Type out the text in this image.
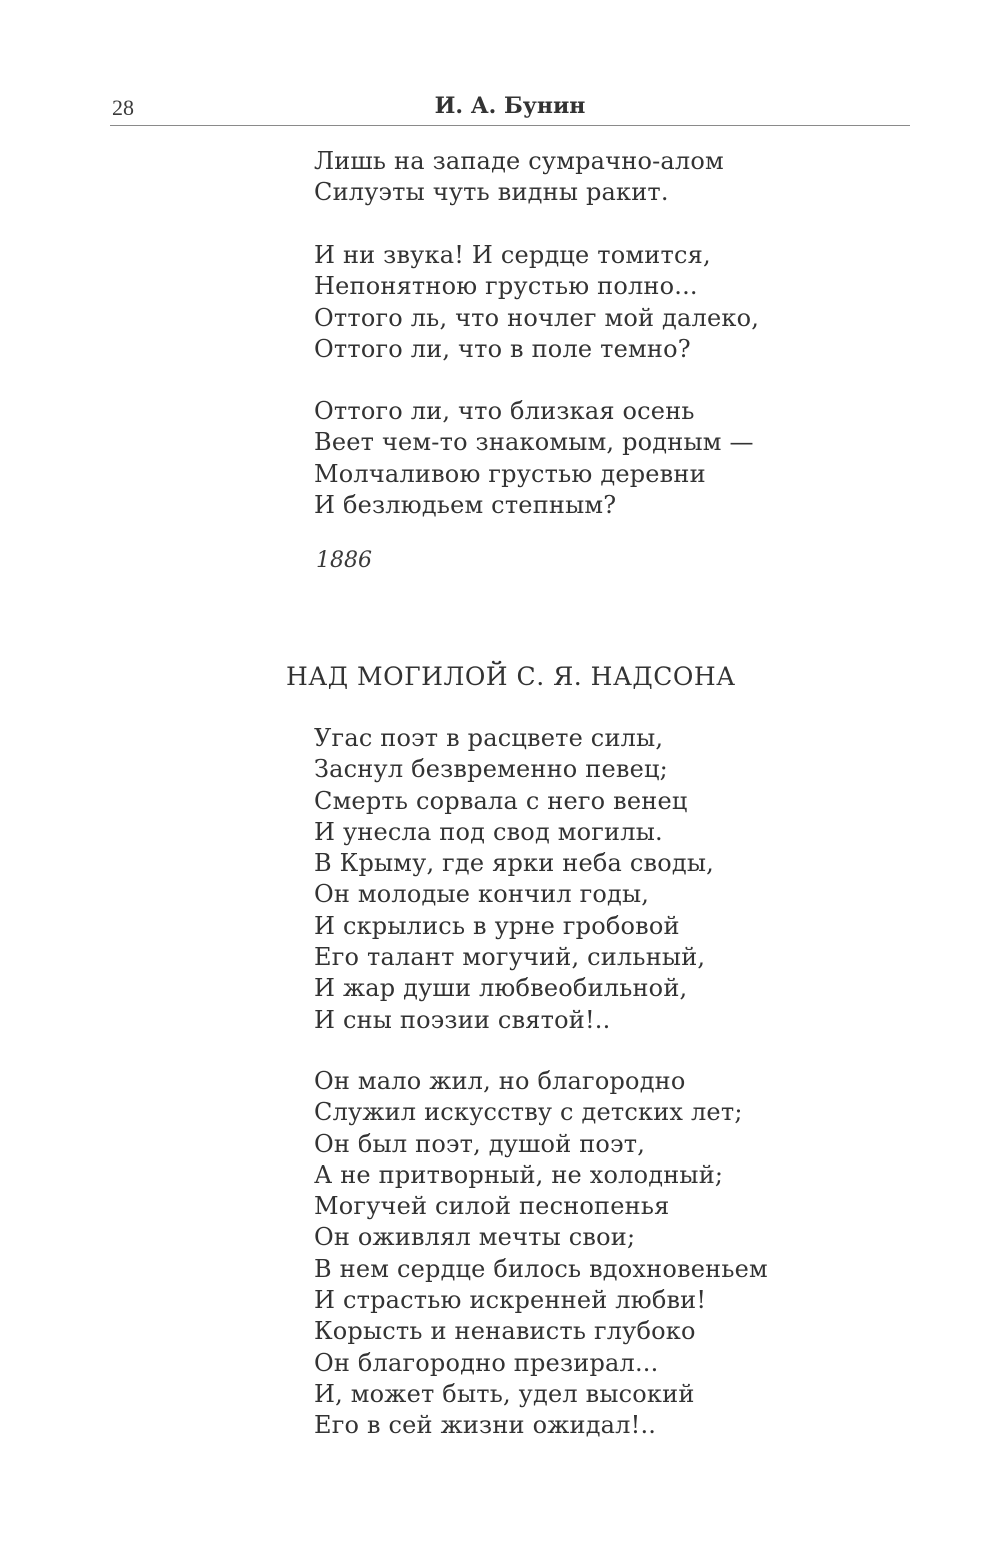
28	И. А. Бунин
Лишь на западе сумрачно-алом
Силуэты чуть видны ракит.
И ни звука! И сердце томится,
Непонятною грустью полно...
Оттого ль, что ночлег мой далеко,
Оттого ли, что в поле темно?
Оттого ли, что близкая осень
Веет чем-то знакомым, родным —
Молчаливою грустью деревни
И безлюдьем степным?
1886
НАД МОГИЛОЙ С. Я. НАДСОНА
Угас поэт в расцвете силы,
Заснул безвременно певец;
Смерть сорвала с него венец
И унесла под свод могилы.
В Крыму, где ярки неба своды,
Он молодые кончил годы,
И скрылись в урне гробовой
Его талант могучий, сильный,
И жар души любвеобильной,
И сны поэзии святой!..
Он мало жил, но благородно
Служил искусству с детских лет;
Он был поэт, душой поэт,
А не притворный, не холодный;
Могучей силой песнопенья
Он оживлял мечты свои;
В нем сердце билось вдохновеньем
И страстью искренней любви!
Корысть и ненависть глубоко
Он благородно презирал...
И, может быть, удел высокий
Его в сей жизни ожидал!..
